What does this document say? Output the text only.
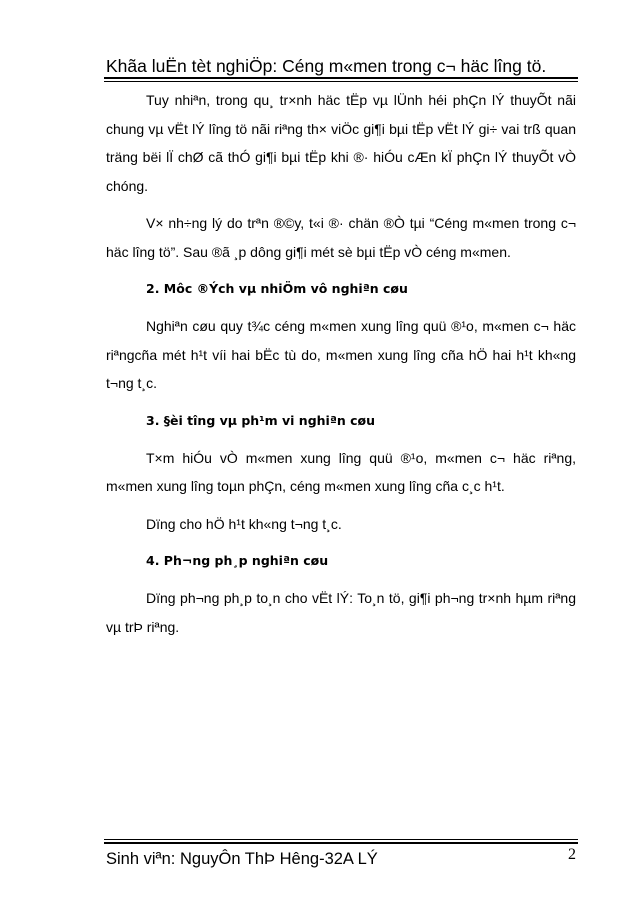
Khãa luËn tèt nghiÖp: Céng m«men trong c¬ häc lîng tö.

Tuy nhiªn, trong qu¸ tr×nh häc tËp vµ lÜnh héi phÇn lÝ thuyÕt nãi chung vµ vËt lÝ lîng tö nãi riªng th× viÖc gi¶i bµi tËp vËt lÝ gi÷ vai trß quan träng bëi lÏ chØ cã thÓ gi¶i bµi tËp khi ®· hiÓu cÆn kÏ phÇn lÝ thuyÕt vÒ chóng.

V× nh÷ng lý do trªn ®©y, t«i ®· chän ®Ò tµi “Céng m«men trong c¬ häc lîng tö”. Sau ®ã ¸p dông gi¶i mét sè bµi tËp vÒ céng m«men.

2. Môc ®Ých vµ nhiÖm vô nghiªn cøu

Nghiªn cøu quy t¾c céng m«men xung lîng quü ®¹o, m«men c¬ häc riªngcña mét h¹t víi hai bËc tù do, m«men xung lîng cña hÖ hai h¹t kh«ng t¬ng t¸c.

3. §èi tîng vµ ph¹m vi nghiªn cøu

T×m hiÓu vÒ m«men xung lîng quü ®¹o, m«men c¬ häc riªng, m«men xung lîng toµn phÇn, céng m«men xung lîng cña c¸c h¹t.

Dïng cho hÖ h¹t kh«ng t¬ng t¸c.

4. Ph¬ng ph¸p nghiªn cøu

Dïng ph¬ng ph¸p to¸n cho vËt lÝ: To¸n tö, gi¶i ph¬ng tr×nh hµm riªng vµ trÞ riªng.

Sinh viªn: NguyÔn ThÞ Hêng-32A LÝ	2
